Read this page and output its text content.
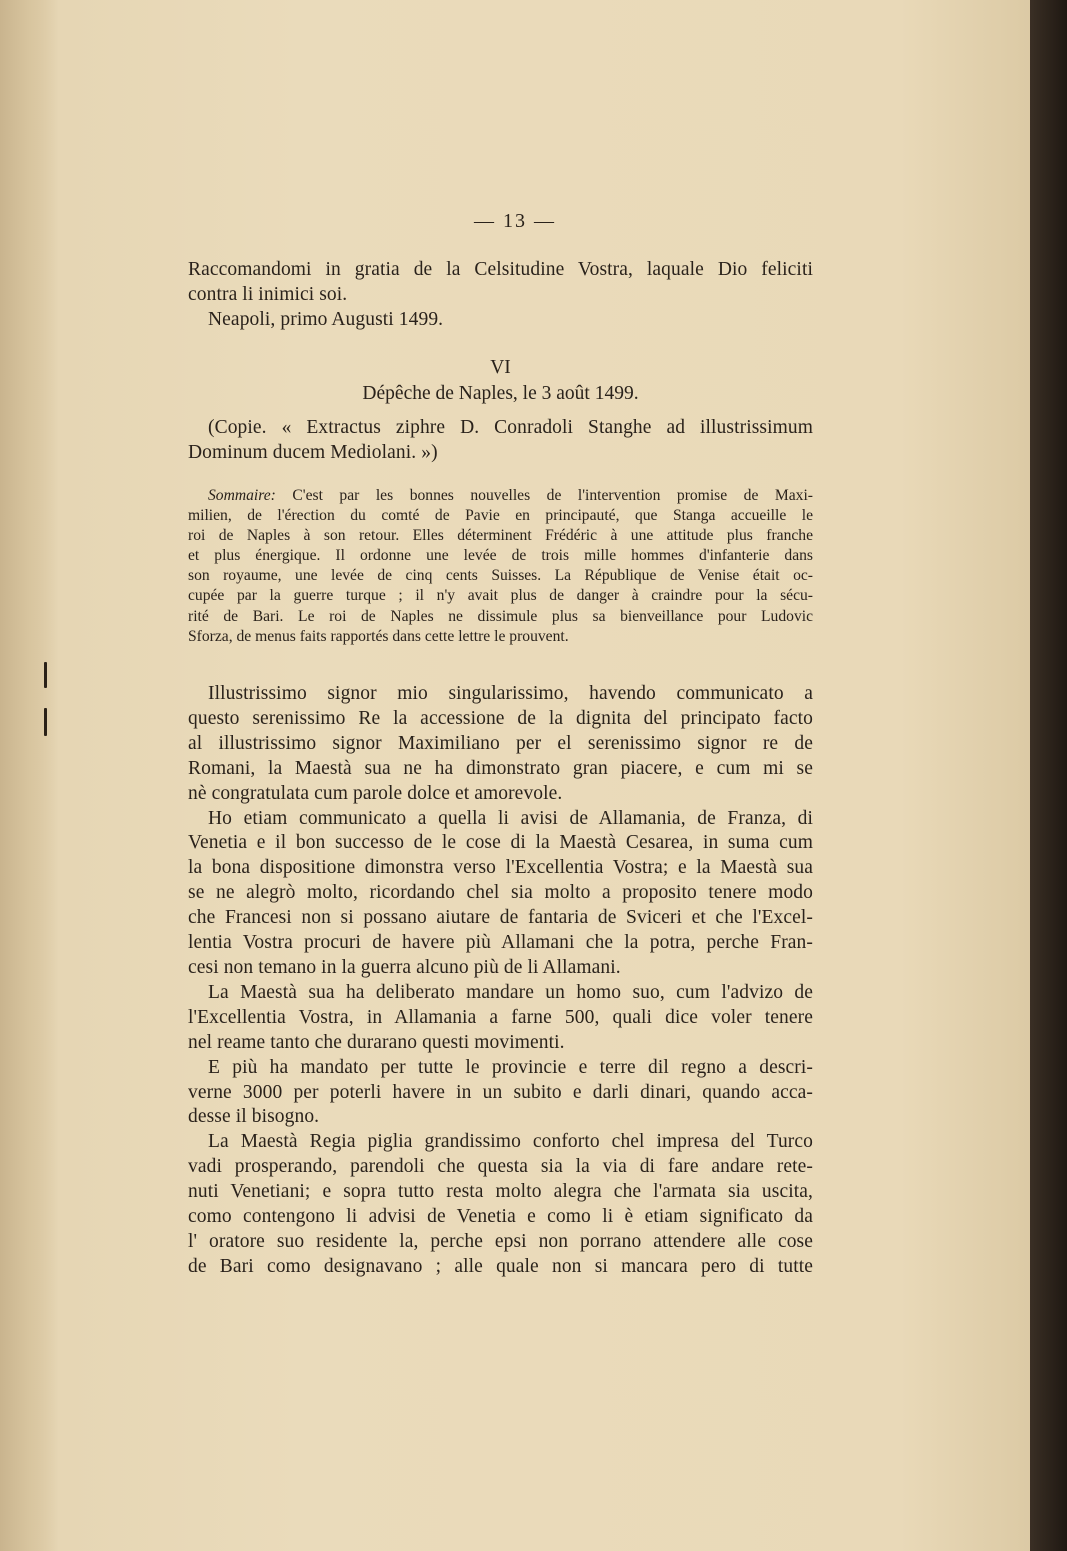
— 13 —
Raccomandomi in gratia de la Celsitudine Vostra, laquale Dio feliciti
contra li inimici soi.
Neapoli, primo Augusti 1499.
VI
Dépêche de Naples, le 3 août 1499.
(Copie. « Extractus ziphre D. Conradoli Stanghe ad illustrissimum
Dominum ducem Mediolani. »)
Sommaire: C'est par les bonnes nouvelles de l'intervention promise de Maxi-
milien, de l'érection du comté de Pavie en principauté, que Stanga accueille le
roi de Naples à son retour. Elles déterminent Frédéric à une attitude plus franche
et plus énergique. Il ordonne une levée de trois mille hommes d'infanterie dans
son royaume, une levée de cinq cents Suisses. La République de Venise était oc-
cupée par la guerre turque ; il n'y avait plus de danger à craindre pour la sécu-
rité de Bari. Le roi de Naples ne dissimule plus sa bienveillance pour Ludovic
Sforza, de menus faits rapportés dans cette lettre le prouvent.
Illustrissimo signor mio singularissimo, havendo communicato a
questo serenissimo Re la accessione de la dignita del principato facto
al illustrissimo signor Maximiliano per el serenissimo signor re de
Romani, la Maestà sua ne ha dimonstrato gran piacere, e cum mi se
nè congratulata cum parole dolce et amorevole.
Ho etiam communicato a quella li avisi de Allamania, de Franza, di
Venetia e il bon successo de le cose di la Maestà Cesarea, in suma cum
la bona dispositione dimonstra verso l'Excellentia Vostra; e la Maestà sua
se ne alegrò molto, ricordando chel sia molto a proposito tenere modo
che Francesi non si possano aiutare de fantaria de Sviceri et che l'Excel-
lentia Vostra procuri de havere più Allamani che la potra, perche Fran-
cesi non temano in la guerra alcuno più de li Allamani.
La Maestà sua ha deliberato mandare un homo suo, cum l'advizo de
l'Excellentia Vostra, in Allamania a farne 500, quali dice voler tenere
nel reame tanto che durarano questi movimenti.
E più ha mandato per tutte le provincie e terre dil regno a descri-
verne 3000 per poterli havere in un subito e darli dinari, quando acca-
desse il bisogno.
La Maestà Regia piglia grandissimo conforto chel impresa del Turco
vadi prosperando, parendoli che questa sia la via di fare andare rete-
nuti Venetiani; e sopra tutto resta molto alegra che l'armata sia uscita,
como contengono li advisi de Venetia e como li è etiam significato da
l' oratore suo residente la, perche epsi non porrano attendere alle cose
de Bari como designavano ; alle quale non si mancara pero di tutte
